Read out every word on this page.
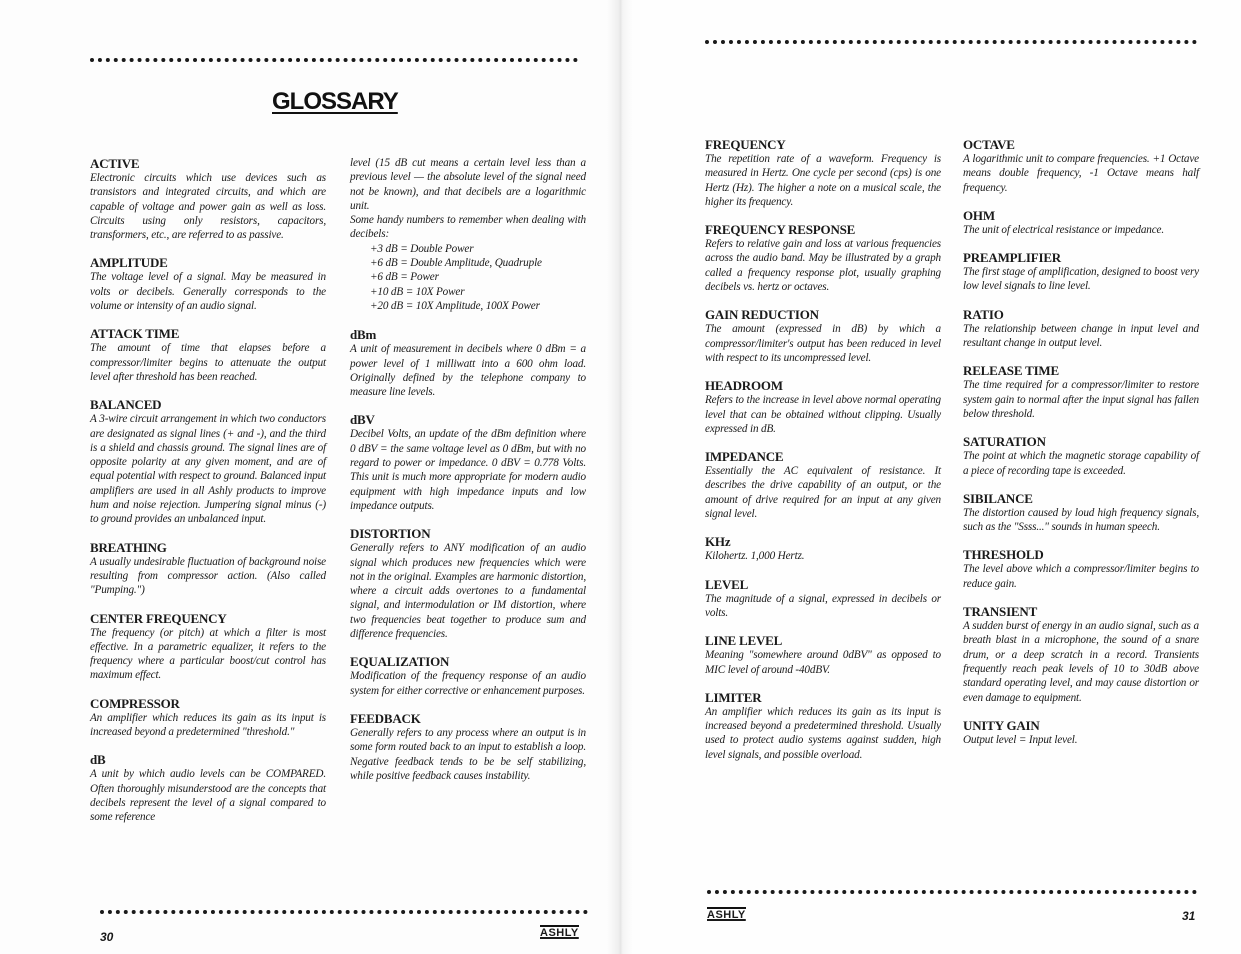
GLOSSARY
ACTIVE

Electronic circuits which use devices such as transistors and integrated circuits, and which are capable of voltage and power gain as well as loss. Circuits using only resistors, capacitors, transformers, etc., are referred to as passive.

AMPLITUDE

The voltage level of a signal. May be measured in volts or decibels. Generally corresponds to the volume or intensity of an audio signal.

ATTACK TIME

The amount of time that elapses before a compressor/limiter begins to attenuate the output level after threshold has been reached.

BALANCED

A 3-wire circuit arrangement in which two conductors are designated as signal lines (+ and -), and the third is a shield and chassis ground. The signal lines are of opposite polarity at any given moment, and are of equal potential with respect to ground. Balanced input amplifiers are used in all Ashly products to improve hum and noise rejection. Jumpering signal minus (-) to ground provides an unbalanced input.

BREATHING

A usually undesirable fluctuation of background noise resulting from compressor action. (Also called "Pumping.")

CENTER FREQUENCY

The frequency (or pitch) at which a filter is most effective. In a parametric equalizer, it refers to the frequency where a particular boost/cut control has maximum effect.

COMPRESSOR

An amplifier which reduces its gain as its input is increased beyond a predetermined "threshold."

dB

A unit by which audio levels can be COMPARED. Often thoroughly misunderstood are the concepts that decibels represent the level of a signal compared to some reference

level (15 dB cut means a certain level less than a previous level — the absolute level of the signal need not be known), and that decibels are a logarithmic unit.

Some handy numbers to remember when dealing with decibels:

+3 dB = Double Power

+6 dB = Double Amplitude, Quadruple

+6 dB = Power

+10 dB = 10X Power

+20 dB = 10X Amplitude, 100X Power

dBm

A unit of measurement in decibels where 0 dBm = a power level of 1 milliwatt into a 600 ohm load. Originally defined by the telephone company to measure line levels.

dBV

Decibel Volts, an update of the dBm definition where 0 dBV = the same voltage level as 0 dBm, but with no regard to power or impedance. 0 dBV = 0.778 Volts. This unit is much more appropriate for modern audio equipment with high impedance inputs and low impedance outputs.

DISTORTION

Generally refers to ANY modification of an audio signal which produces new frequencies which were not in the original. Examples are harmonic distortion, where a circuit adds overtones to a fundamental signal, and intermodulation or IM distortion, where two frequencies beat together to produce sum and difference frequencies.

EQUALIZATION

Modification of the frequency response of an audio system for either corrective or enhancement purposes.

FEEDBACK

Generally refers to any process where an output is in some form routed back to an input to establish a loop. Negative feedback tends to be be self stabilizing, while positive feedback causes instability.

30	ASHLY

FREQUENCY

The repetition rate of a waveform. Frequency is measured in Hertz. One cycle per second (cps) is one Hertz (Hz). The higher a note on a musical scale, the higher its frequency.

FREQUENCY RESPONSE

Refers to relative gain and loss at various frequencies across the audio band. May be illustrated by a graph called a frequency response plot, usually graphing decibels vs. hertz or octaves.

GAIN REDUCTION

The amount (expressed in dB) by which a compressor/limiter's output has been reduced in level with respect to its uncompressed level.

HEADROOM

Refers to the increase in level above normal operating level that can be obtained without clipping. Usually expressed in dB.

IMPEDANCE

Essentially the AC equivalent of resistance. It describes the drive capability of an output, or the amount of drive required for an input at any given signal level.

KHz

Kilohertz. 1,000 Hertz.

LEVEL

The magnitude of a signal, expressed in decibels or volts.

LINE LEVEL

Meaning "somewhere around 0dBV" as opposed to MIC level of around -40dBV.

LIMITER

An amplifier which reduces its gain as its input is increased beyond a predetermined threshold. Usually used to protect audio systems against sudden, high level signals, and possible overload.

OCTAVE

A logarithmic unit to compare frequencies. +1 Octave means double frequency, -1 Octave means half frequency.

OHM

The unit of electrical resistance or impedance.

PREAMPLIFIER

The first stage of amplification, designed to boost very low level signals to line level.

RATIO

The relationship between change in input level and resultant change in output level.

RELEASE TIME

The time required for a compressor/limiter to restore system gain to normal after the input signal has fallen below threshold.

SATURATION

The point at which the magnetic storage capability of a piece of recording tape is exceeded.

SIBILANCE

The distortion caused by loud high frequency signals, such as the "Ssss..." sounds in human speech.

THRESHOLD

The level above which a compressor/limiter begins to reduce gain.

TRANSIENT

A sudden burst of energy in an audio signal, such as a breath blast in a microphone, the sound of a snare drum, or a deep scratch in a record. Transients frequently reach peak levels of 10 to 30dB above standard operating level, and may cause distortion or even damage to equipment.

UNITY GAIN

Output level = Input level.

ASHLY	31
